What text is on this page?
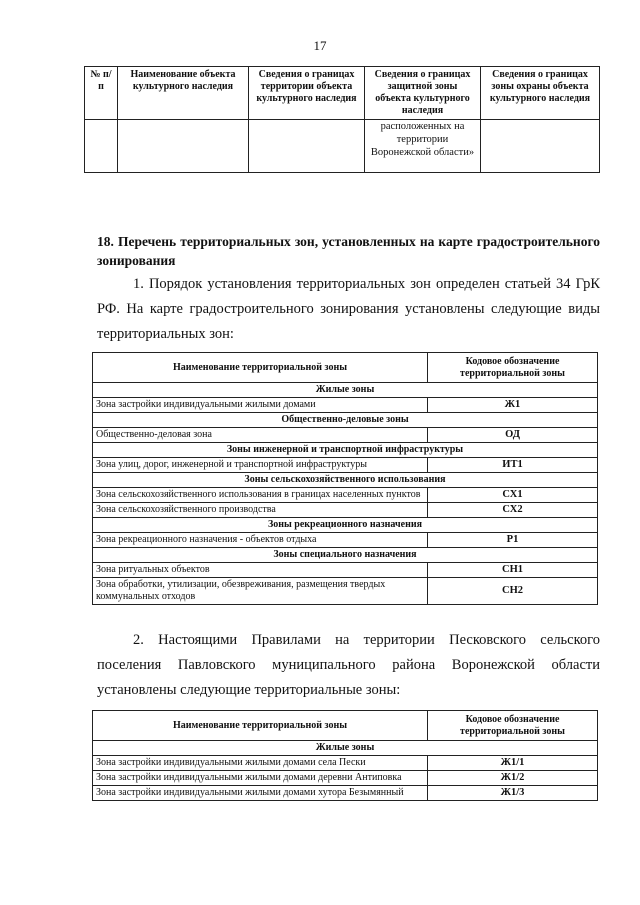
17
№ п/п	Наименование объекта культурного наследия	Сведения о границах территории объекта культурного наследия	Сведения о границах защитной зоны объекта культурного наследия	Сведения о границах зоны охраны объекта культурного наследия
			расположенных на территории Воронежской области»	
18. Перечень территориальных зон, установленных на карте градостроительного зонирования
1. Порядок установления территориальных зон определен статьей 34 ГрК РФ. На карте градостроительного зонирования установлены следующие виды территориальных зон:
Наименование территориальной зоны	Кодовое обозначение территориальной зоны
Жилые зоны	
Зона застройки индивидуальными жилыми домами	Ж1
Общественно-деловые зоны	
Общественно-деловая зона	ОД
Зоны инженерной и транспортной инфраструктуры	
Зона улиц, дорог, инженерной и транспортной инфраструктуры	ИТ1
Зоны сельскохозяйственного использования	
Зона сельскохозяйственного использования в границах населенных пунктов	СХ1
Зона сельскохозяйственного производства	СХ2
Зоны рекреационного назначения	
Зона рекреационного назначения - объектов отдыха	Р1
Зоны специального назначения	
Зона ритуальных объектов	СН1
Зона обработки, утилизации, обезвреживания, размещения твердых коммунальных отходов	СН2
2. Настоящими Правилами на территории Песковского сельского поселения Павловского муниципального района Воронежской области установлены следующие территориальные зоны:
Наименование территориальной зоны	Кодовое обозначение территориальной зоны
Жилые зоны	
Зона застройки индивидуальными жилыми домами села Пески	Ж1/1
Зона застройки индивидуальными жилыми домами деревни Антиповка	Ж1/2
Зона застройки индивидуальными жилыми домами хутора Безымянный	Ж1/3
